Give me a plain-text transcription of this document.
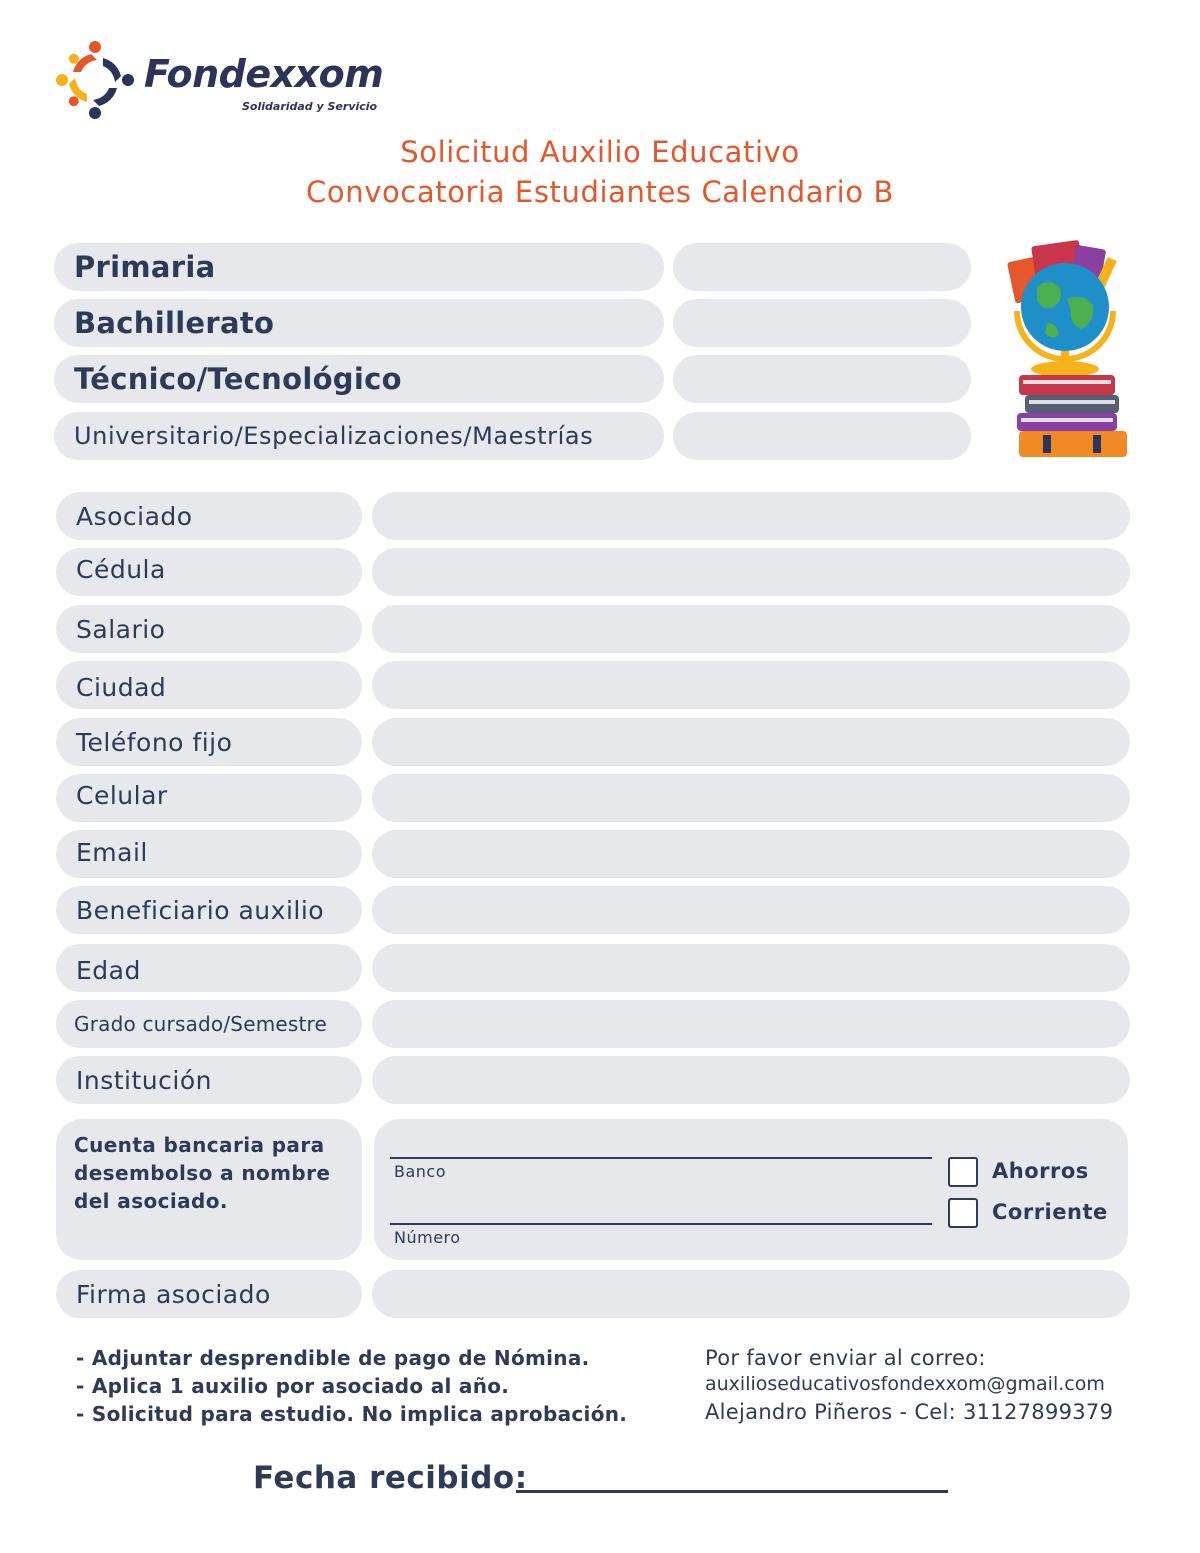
Fondexxom
Solidaridad y Servicio
Solicitud Auxilio Educativo
Convocatoria Estudiantes Calendario B
Primaria
Bachillerato
Técnico/Tecnológico
Universitario/Especializaciones/Maestrías
Asociado
Cédula
Salario
Ciudad
Teléfono fijo
Celular
Email
Beneficiario auxilio
Edad
Grado cursado/Semestre
Institución
Cuenta bancaria para
desembolso a nombre
del asociado.
Banco
Número
Ahorros
Corriente
Firma asociado
- Adjuntar desprendible de pago de Nómina.
- Aplica 1 auxilio por asociado al año.
- Solicitud para estudio. No implica aprobación.
Por favor enviar al correo:
auxilioseducativosfondexxom@gmail.com
Alejandro Piñeros - Cel: 31127899379
Fecha recibido:
